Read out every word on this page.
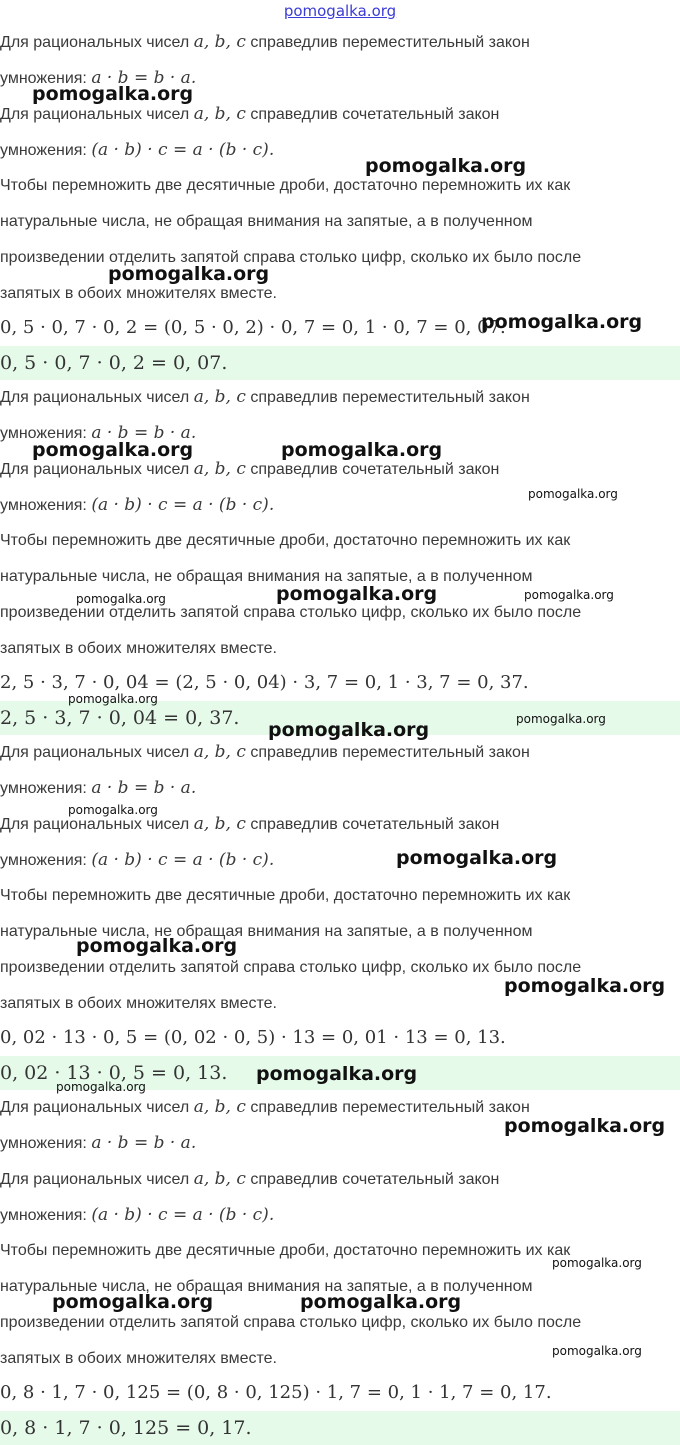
pomogalka.org
Для рациональных чисел a, b, c справедлив переместительный закон
умножения: a · b = b · a.
Для рациональных чисел a, b, c справедлив сочетательный закон
умножения: (a · b) · c = a · (b · c).
Чтобы перемножить две десятичные дроби, достаточно перемножить их как
натуральные числа, не обращая внимания на запятые, а в полученном
произведении отделить запятой справа столько цифр, сколько их было после
запятых в обоих множителях вместе.
0, 5 · 0, 7 · 0, 2 = (0, 5 · 0, 2) · 0, 7 = 0, 1 · 0, 7 = 0, 07.
0, 5 · 0, 7 · 0, 2 = 0, 07.
Для рациональных чисел a, b, c справедлив переместительный закон
умножения: a · b = b · a.
Для рациональных чисел a, b, c справедлив сочетательный закон
умножения: (a · b) · c = a · (b · c).
Чтобы перемножить две десятичные дроби, достаточно перемножить их как
натуральные числа, не обращая внимания на запятые, а в полученном
произведении отделить запятой справа столько цифр, сколько их было после
запятых в обоих множителях вместе.
2, 5 · 3, 7 · 0, 04 = (2, 5 · 0, 04) · 3, 7 = 0, 1 · 3, 7 = 0, 37.
2, 5 · 3, 7 · 0, 04 = 0, 37.
Для рациональных чисел a, b, c справедлив переместительный закон
умножения: a · b = b · a.
Для рациональных чисел a, b, c справедлив сочетательный закон
умножения: (a · b) · c = a · (b · c).
Чтобы перемножить две десятичные дроби, достаточно перемножить их как
натуральные числа, не обращая внимания на запятые, а в полученном
произведении отделить запятой справа столько цифр, сколько их было после
запятых в обоих множителях вместе.
0, 02 · 13 · 0, 5 = (0, 02 · 0, 5) · 13 = 0, 01 · 13 = 0, 13.
0, 02 · 13 · 0, 5 = 0, 13.
Для рациональных чисел a, b, c справедлив переместительный закон
умножения: a · b = b · a.
Для рациональных чисел a, b, c справедлив сочетательный закон
умножения: (a · b) · c = a · (b · c).
Чтобы перемножить две десятичные дроби, достаточно перемножить их как
натуральные числа, не обращая внимания на запятые, а в полученном
произведении отделить запятой справа столько цифр, сколько их было после
запятых в обоих множителях вместе.
0, 8 · 1, 7 · 0, 125 = (0, 8 · 0, 125) · 1, 7 = 0, 1 · 1, 7 = 0, 17.
0, 8 · 1, 7 · 0, 125 = 0, 17.
pomogalka.org
pomogalka.org
pomogalka.org
pomogalka.org
pomogalka.org	pomogalka.org
pomogalka.org
pomogalka.org	pomogalka.org	pomogalka.org
pomogalka.org
pomogalka.org	pomogalka.org
pomogalka.org
pomogalka.org
pomogalka.org
pomogalka.org
pomogalka.org
pomogalka.org
pomogalka.org
pomogalka.org
pomogalka.org	pomogalka.org
pomogalka.org
